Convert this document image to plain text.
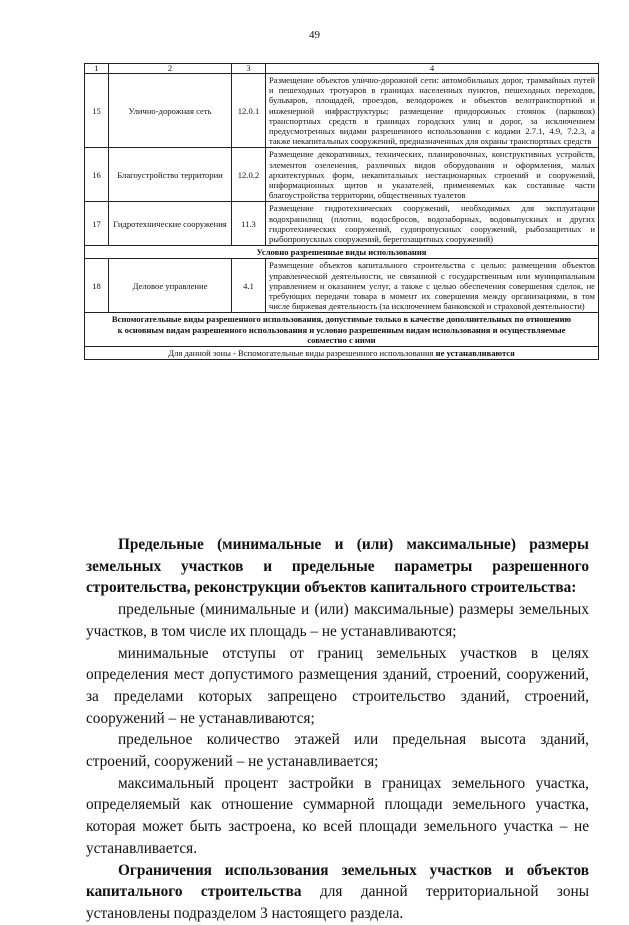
49
1	2	3	4
15	Улично-дорожная сеть	12.0.1	Размещение объектов улично-дорожной сети: автомобильных дорог, трамвайных путей и пешеходных тротуаров в границах населенных пунктов, пешеходных переходов, бульваров, площадей, проездов, велодорожек и объектов велотранспортной и инженерной инфраструктуры; размещение придорожных стоянок (парковок) транспортных средств в границах городских улиц и дорог, за исключением предусмотренных видами разрешенного использования с кодами 2.7.1, 4.9, 7.2.3, а также некапитальных сооружений, предназначенных для охраны транспортных средств
16	Благоустройство территории	12.0.2	Размещение декоративных, технических, планировочных, конструктивных устройств, элементов озеленения, различных видов оборудования и оформления, малых архитектурных форм, некапитальных нестационарных строений и сооружений, информационных щитов и указателей, применяемых как составные части благоустройства территории, общественных туалетов
17	Гидротехнические сооружения	11.3	Размещение гидротехнических сооружений, необходимых для эксплуатации водохранилищ (плотин, водосбросов, водозаборных, водовыпускных и других гидротехнических сооружений, судопропускных сооружений, рыбозащитных и рыбопропускных сооружений, берегозащитных сооружений)
Условно разрешенные виды использования			
18	Деловое управление	4.1	Размещение объектов капитального строительства с целью: размещения объектов управленческой деятельности, не связанной с государственным или муниципальным управлением и оказанием услуг, а также с целью обеспечения совершения сделок, не требующих передачи товара в момент их совершения между организациями, в том числе биржевая деятельность (за исключением банковской и страховой деятельности)
Вспомогательные виды разрешенного использования, допустимые только в качестве дополнительных по отношению к основным видам разрешенного использования и условно разрешенным видам использования и осуществляемые совместно с ними			
Для данной зоны - Вспомогательные виды разрешенного использования не устанавливаются			

Предельные (минимальные и (или) максимальные) размеры земельных участков и предельные параметры разрешенного строительства, реконструкции объектов капитального строительства:

предельные (минимальные и (или) максимальные) размеры земельных участков, в том числе их площадь – не устанавливаются;

минимальные отступы от границ земельных участков в целях определения мест допустимого размещения зданий, строений, сооружений, за пределами которых запрещено строительство зданий, строений, сооружений – не устанавливаются;

предельное количество этажей или предельная высота зданий, строений, сооружений – не устанавливается;

максимальный процент застройки в границах земельного участка, определяемый как отношение суммарной площади земельного участка, которая может быть застроена, ко всей площади земельного участка – не устанавливается.

Ограничения использования земельных участков и объектов капитального строительства для данной территориальной зоны установлены подразделом 3 настоящего раздела.
